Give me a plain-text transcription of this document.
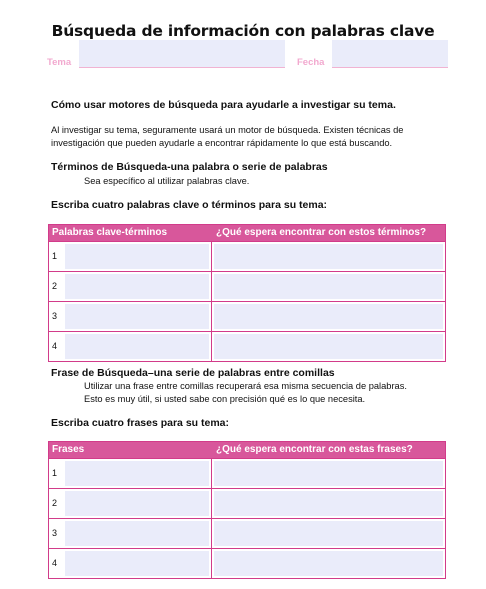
Búsqueda de información con palabras clave
Tema	Fecha
Cómo usar motores de búsqueda para ayudarle a investigar su tema.
Al investigar su tema, seguramente usará un motor de búsqueda. Existen técnicas de
investigación que pueden ayudarle a encontrar rápidamente lo que está buscando.
Términos de Búsqueda-una palabra o serie de palabras
Sea específico al utilizar palabras clave.
Escriba cuatro palabras clave o términos para su tema:
Palabras clave-términos	¿Qué espera encontrar con estos términos?
1
2
3
4
Frase de Búsqueda–una serie de palabras entre comillas
Utilizar una frase entre comillas recuperará esa misma secuencia de palabras.
Esto es muy útil, si usted sabe con precisión qué es lo que necesita.
Escriba cuatro frases para su tema:
Frases	¿Qué espera encontrar con estas frases?
1
2
3
4
